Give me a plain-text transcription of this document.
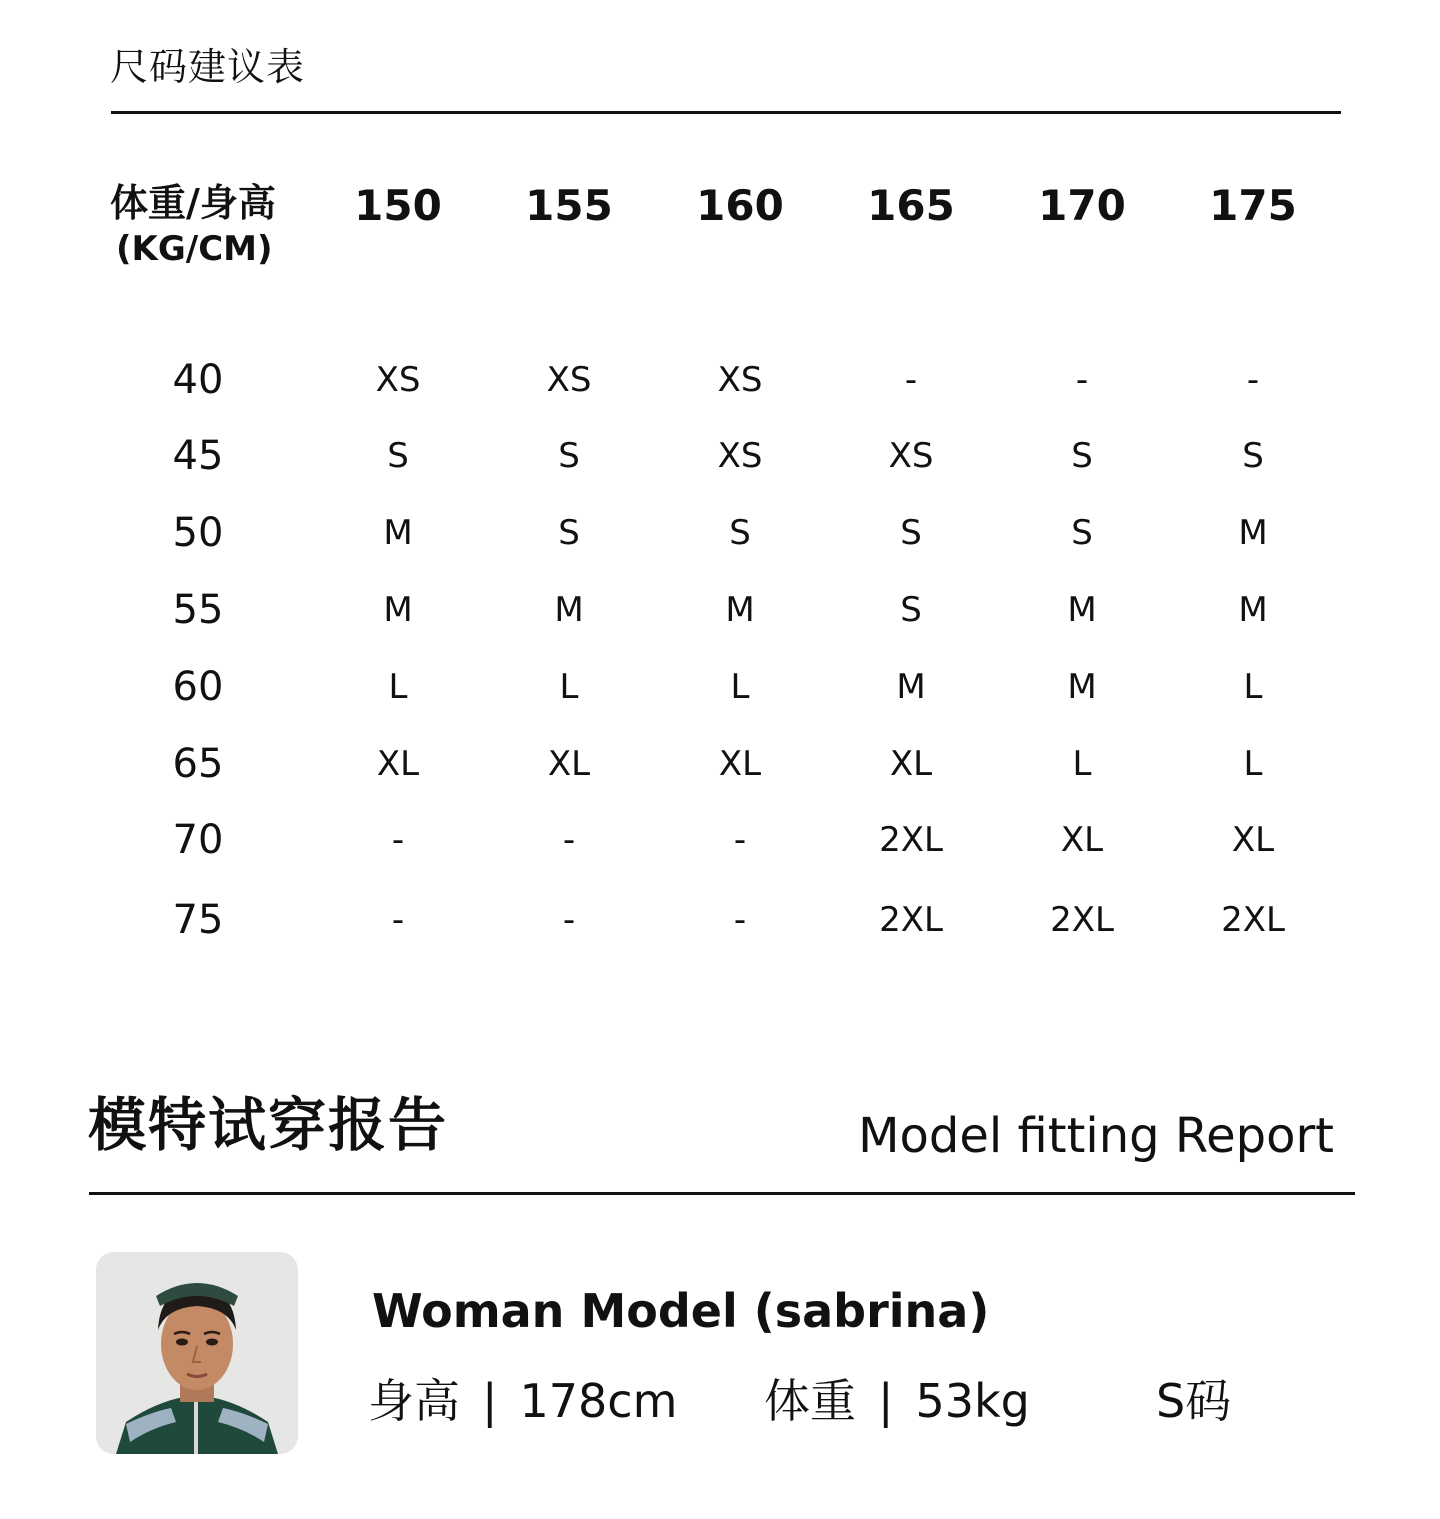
尺码建议表
体重/身高
(KG/CM)
150	155	160	165	170	175
40	XS	XS	XS	-	-	-
45	S	S	XS	XS	S	S
50	M	S	S	S	S	M
55	M	M	M	S	M	M
60	L	L	L	M	M	L
65	XL	XL	XL	XL	L	L
70	-	-	-	2XL	XL	XL
75	-	-	-	2XL	2XL	2XL
模特试穿报告	Model fitting Report
Woman Model (sabrina)
身高 | 178cm 体重 | 53kg	S码
